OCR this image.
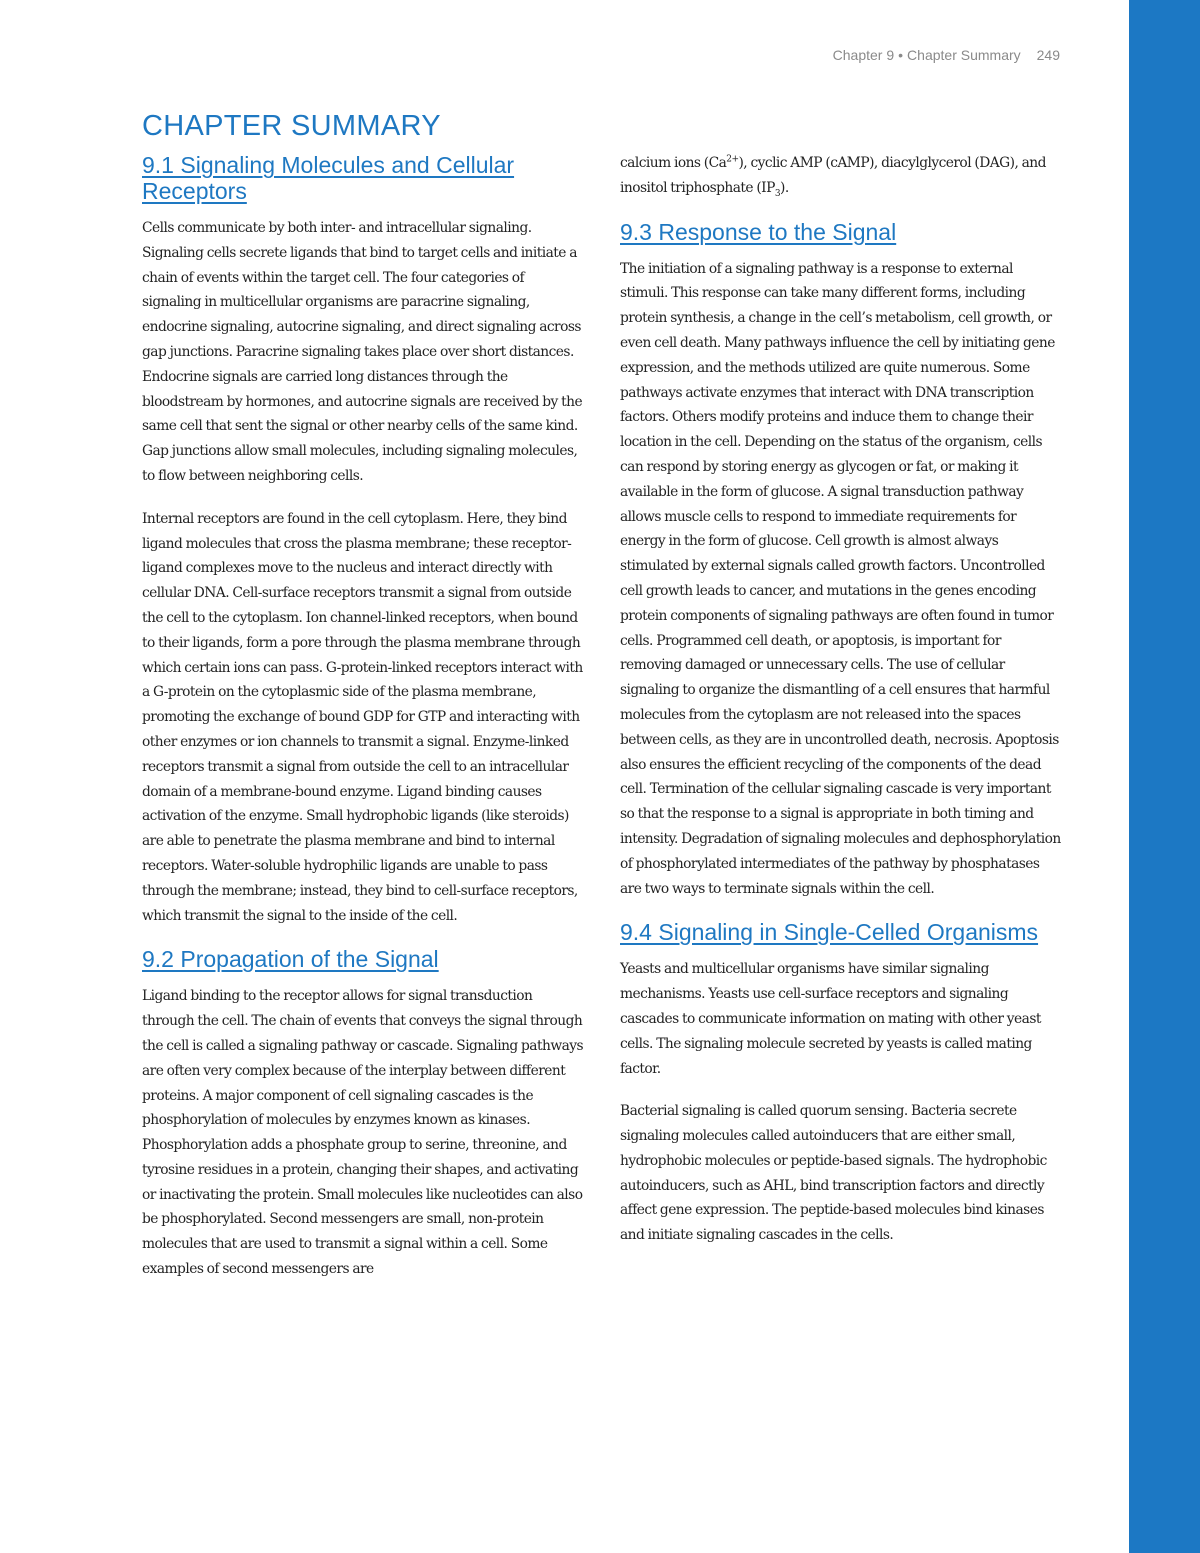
Chapter 9 • Chapter Summary 249
CHAPTER SUMMARY
9.1 Signaling Molecules and Cellular Receptors

Cells communicate by both inter- and intracellular signaling. Signaling cells secrete ligands that bind to target cells and initiate a chain of events within the target cell. The four categories of signaling in multicellular organisms are paracrine signaling, endocrine signaling, autocrine signaling, and direct signaling across gap junctions. Paracrine signaling takes place over short distances. Endocrine signals are carried long distances through the bloodstream by hormones, and autocrine signals are received by the same cell that sent the signal or other nearby cells of the same kind. Gap junctions allow small molecules, including signaling molecules, to flow between neighboring cells.

Internal receptors are found in the cell cytoplasm. Here, they bind ligand molecules that cross the plasma membrane; these receptor-ligand complexes move to the nucleus and interact directly with cellular DNA. Cell-surface receptors transmit a signal from outside the cell to the cytoplasm. Ion channel-linked receptors, when bound to their ligands, form a pore through the plasma membrane through which certain ions can pass. G-protein-linked receptors interact with a G-protein on the cytoplasmic side of the plasma membrane, promoting the exchange of bound GDP for GTP and interacting with other enzymes or ion channels to transmit a signal. Enzyme-linked receptors transmit a signal from outside the cell to an intracellular domain of a membrane-bound enzyme. Ligand binding causes activation of the enzyme. Small hydrophobic ligands (like steroids) are able to penetrate the plasma membrane and bind to internal receptors. Water-soluble hydrophilic ligands are unable to pass through the membrane; instead, they bind to cell-surface receptors, which transmit the signal to the inside of the cell.

9.2 Propagation of the Signal

Ligand binding to the receptor allows for signal transduction through the cell. The chain of events that conveys the signal through the cell is called a signaling pathway or cascade. Signaling pathways are often very complex because of the interplay between different proteins. A major component of cell signaling cascades is the phosphorylation of molecules by enzymes known as kinases. Phosphorylation adds a phosphate group to serine, threonine, and tyrosine residues in a protein, changing their shapes, and activating or inactivating the protein. Small molecules like nucleotides can also be phosphorylated. Second messengers are small, non-protein molecules that are used to transmit a signal within a cell. Some examples of second messengers are

calcium ions $(Ca^{2+})$, cyclic AMP (cAMP), diacylglycerol (DAG), and inositol triphosphate $(IP_3)$.

9.3 Response to the Signal

The initiation of a signaling pathway is a response to external stimuli. This response can take many different forms, including protein synthesis, a change in the cell’s metabolism, cell growth, or even cell death. Many pathways influence the cell by initiating gene expression, and the methods utilized are quite numerous. Some pathways activate enzymes that interact with DNA transcription factors. Others modify proteins and induce them to change their location in the cell. Depending on the status of the organism, cells can respond by storing energy as glycogen or fat, or making it available in the form of glucose. A signal transduction pathway allows muscle cells to respond to immediate requirements for energy in the form of glucose. Cell growth is almost always stimulated by external signals called growth factors. Uncontrolled cell growth leads to cancer, and mutations in the genes encoding protein components of signaling pathways are often found in tumor cells. Programmed cell death, or apoptosis, is important for removing damaged or unnecessary cells. The use of cellular signaling to organize the dismantling of a cell ensures that harmful molecules from the cytoplasm are not released into the spaces between cells, as they are in uncontrolled death, necrosis. Apoptosis also ensures the efficient recycling of the components of the dead cell. Termination of the cellular signaling cascade is very important so that the response to a signal is appropriate in both timing and intensity. Degradation of signaling molecules and dephosphorylation of phosphorylated intermediates of the pathway by phosphatases are two ways to terminate signals within the cell.

9.4 Signaling in Single-Celled Organisms

Yeasts and multicellular organisms have similar signaling mechanisms. Yeasts use cell-surface receptors and signaling cascades to communicate information on mating with other yeast cells. The signaling molecule secreted by yeasts is called mating factor.

Bacterial signaling is called quorum sensing. Bacteria secrete signaling molecules called autoinducers that are either small, hydrophobic molecules or peptide-based signals. The hydrophobic autoinducers, such as AHL, bind transcription factors and directly affect gene expression. The peptide-based molecules bind kinases and initiate signaling cascades in the cells.
